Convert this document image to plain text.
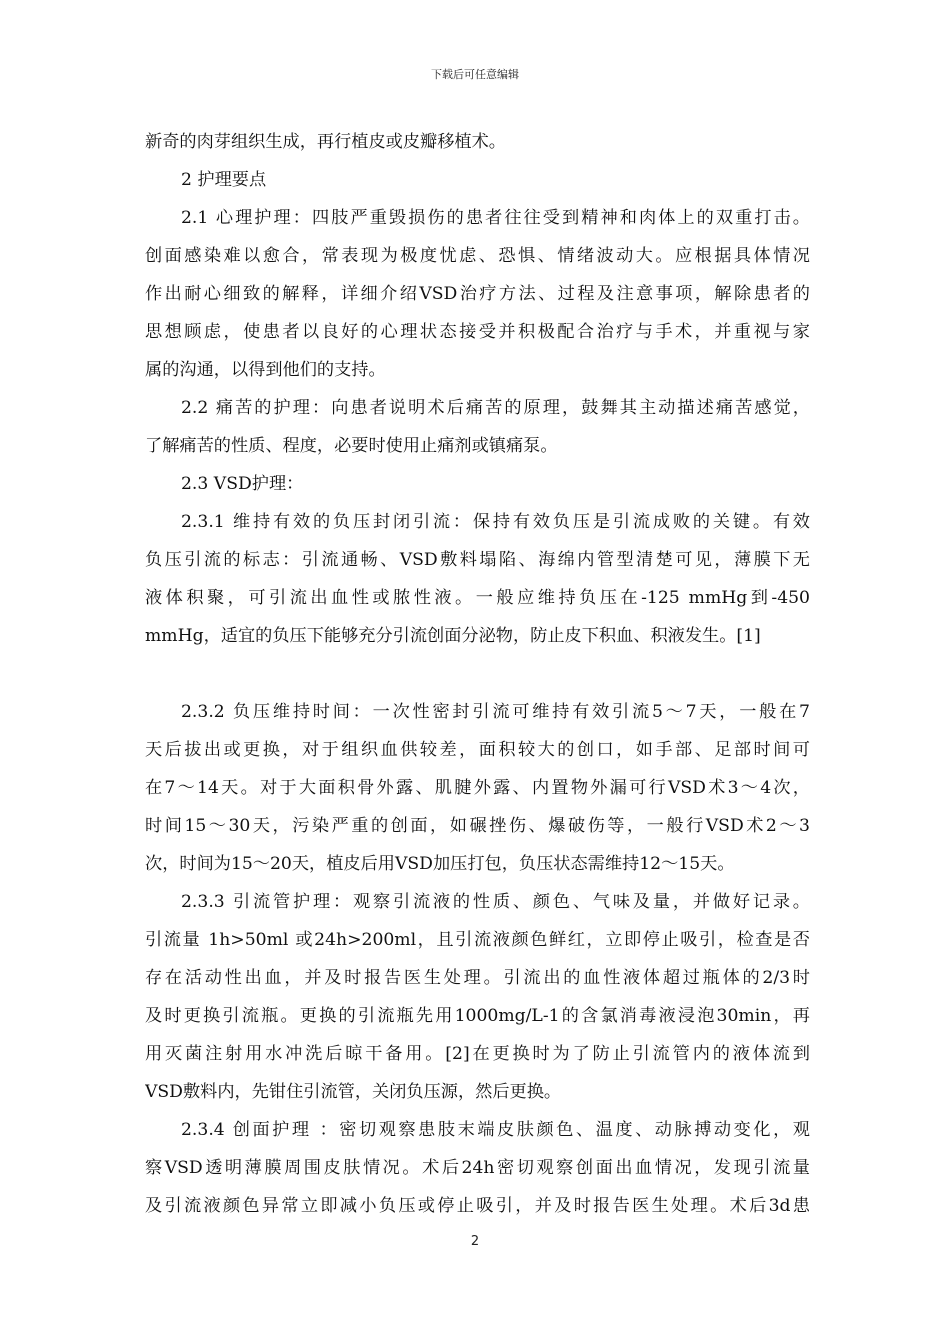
下载后可任意编辑
新奇的肉芽组织生成，再行植皮或皮瓣移植术。
2 护理要点
2.1 心理护理：四肢严重毁损伤的患者往往受到精神和肉体上的双重打击。
创面感染难以愈合，常表现为极度忧虑、恐惧、情绪波动大。应根据具体情况
作出耐心细致的解释，详细介绍VSD治疗方法、过程及注意事项，解除患者的
思想顾虑，使患者以良好的心理状态接受并积极配合治疗与手术，并重视与家
属的沟通，以得到他们的支持。
2.2 痛苦的护理：向患者说明术后痛苦的原理，鼓舞其主动描述痛苦感觉，
了解痛苦的性质、程度，必要时使用止痛剂或镇痛泵。
2.3 VSD护理：
2.3.1 维持有效的负压封闭引流：保持有效负压是引流成败的关键。有效
负压引流的标志：引流通畅、VSD敷料塌陷、海绵内管型清楚可见，薄膜下无
液体积聚，可引流出血性或脓性液。一般应维持负压在-125 mmHg到-450
mmHg，适宜的负压下能够充分引流创面分泌物，防止皮下积血、积液发生。[1]
2.3.2 负压维持时间：一次性密封引流可维持有效引流5～7天，一般在7
天后拔出或更换，对于组织血供较差，面积较大的创口，如手部、足部时间可
在7～14天。对于大面积骨外露、肌腱外露、内置物外漏可行VSD术3～4次，
时间15～30天，污染严重的创面，如碾挫伤、爆破伤等，一般行VSD术2～3
次，时间为15～20天，植皮后用VSD加压打包，负压状态需维持12～15天。
2.3.3 引流管护理：观察引流液的性质、颜色、气味及量，并做好记录。
引流量 1h>50ml 或24h>200ml，且引流液颜色鲜红，立即停止吸引，检查是否
存在活动性出血，并及时报告医生处理。引流出的血性液体超过瓶体的2/3时
及时更换引流瓶。更换的引流瓶先用1000mg/L-1的含氯消毒液浸泡30min，再
用灭菌注射用水冲洗后晾干备用。[2]在更换时为了防止引流管内的液体流到
VSD敷料内，先钳住引流管，关闭负压源，然后更换。
2.3.4 创面护理 ：密切观察患肢末端皮肤颜色、温度、动脉搏动变化，观
察VSD透明薄膜周围皮肤情况。术后24h密切观察创面出血情况，发现引流量
及引流液颜色异常立即减小负压或停止吸引，并及时报告医生处理。术后3d患
2
